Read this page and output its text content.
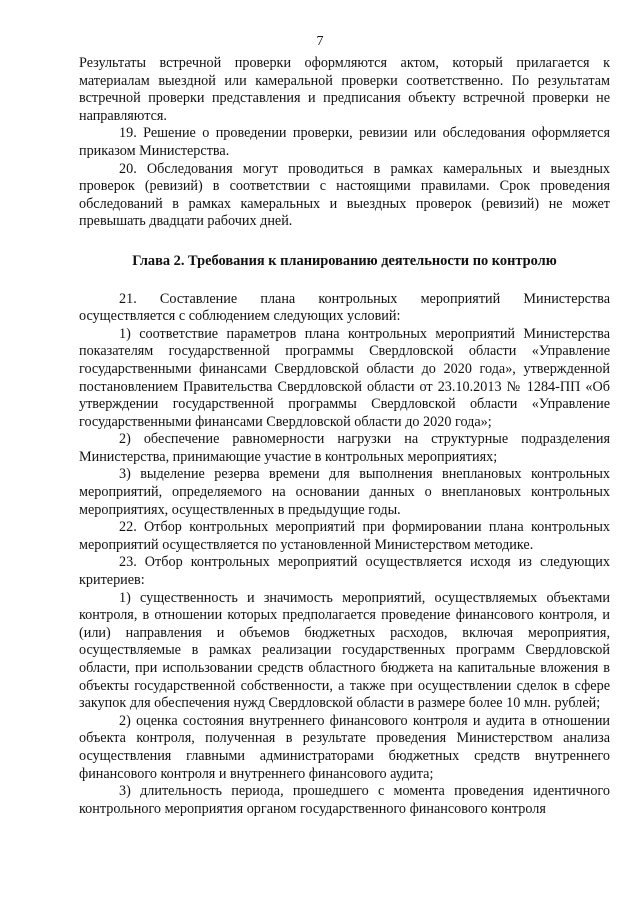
7

Результаты встречной проверки оформляются актом, который прилагается к материалам выездной или камеральной проверки соответственно. По результатам встречной проверки представления и предписания объекту встречной проверки не направляются.

19. Решение о проведении проверки, ревизии или обследования оформляется приказом Министерства.

20. Обследования могут проводиться в рамках камеральных и выездных проверок (ревизий) в соответствии с настоящими правилами. Срок проведения обследований в рамках камеральных и выездных проверок (ревизий) не может превышать двадцати рабочих дней.

Глава 2. Требования к планированию деятельности по контролю

21. Составление плана контрольных мероприятий Министерства осуществляется с соблюдением следующих условий:

1) соответствие параметров плана контрольных мероприятий Министерства показателям государственной программы Свердловской области «Управление государственными финансами Свердловской области до 2020 года», утвержденной постановлением Правительства Свердловской области от 23.10.2013 № 1284-ПП «Об утверждении государственной программы Свердловской области «Управление государственными финансами Свердловской области до 2020 года»;

2) обеспечение равномерности нагрузки на структурные подразделения Министерства, принимающие участие в контрольных мероприятиях;

3) выделение резерва времени для выполнения внеплановых контрольных мероприятий, определяемого на основании данных о внеплановых контрольных мероприятиях, осуществленных в предыдущие годы.

22. Отбор контрольных мероприятий при формировании плана контрольных мероприятий осуществляется по установленной Министерством методике.

23. Отбор контрольных мероприятий осуществляется исходя из следующих критериев:

1) существенность и значимость мероприятий, осуществляемых объектами контроля, в отношении которых предполагается проведение финансового контроля, и (или) направления и объемов бюджетных расходов, включая мероприятия, осуществляемые в рамках реализации государственных программ Свердловской области, при использовании средств областного бюджета на капитальные вложения в объекты государственной собственности, а также при осуществлении сделок в сфере закупок для обеспечения нужд Свердловской области в размере более 10 млн. рублей;

2) оценка состояния внутреннего финансового контроля и аудита в отношении объекта контроля, полученная в результате проведения Министерством анализа осуществления главными администраторами бюджетных средств внутреннего финансового контроля и внутреннего финансового аудита;

3) длительность периода, прошедшего с момента проведения идентичного контрольного мероприятия органом государственного финансового контроля
